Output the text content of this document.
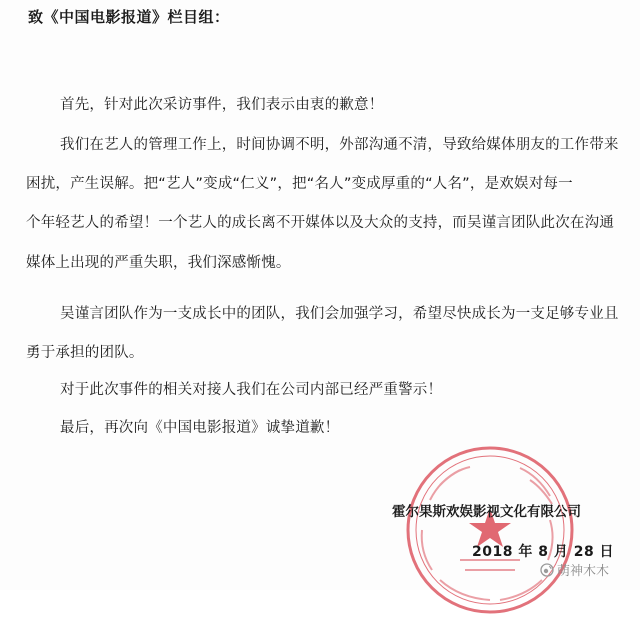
致《中国电影报道》栏目组：
首先，针对此次采访事件，我们表示由衷的歉意！
我们在艺人的管理工作上，时间协调不明，外部沟通不清，导致给媒体朋友的工作带来
困扰，产生误解。把“艺人”变成“仁义”，把“名人”变成厚重的“人名”，是欢娱对每一
个年轻艺人的希望！一个艺人的成长离不开媒体以及大众的支持，而吴谨言团队此次在沟通
媒体上出现的严重失职，我们深感惭愧。
吴谨言团队作为一支成长中的团队，我们会加强学习，希望尽快成长为一支足够专业且
勇于承担的团队。
对于此次事件的相关对接人我们在公司内部已经严重警示！
最后，再次向《中国电影报道》诚挚道歉！
霍尔果斯欢娱影视文化有限公司
2018 年 8 月 28 日
萌神木木
